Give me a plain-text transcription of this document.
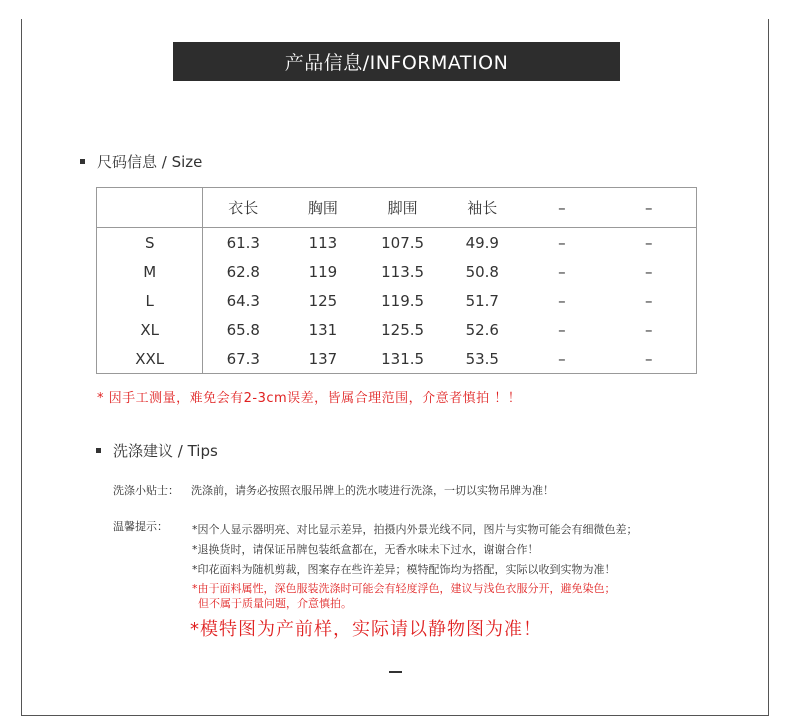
产品信息/INFORMATION
尺码信息 / Size
	衣长	胸围	脚围	袖长	–	–
S	61.3	113	107.5	49.9	–	–
M	62.8	119	113.5	50.8	–	–
L	64.3	125	119.5	51.7	–	–
XL	65.8	131	125.5	52.6	–	–
XXL	67.3	137	131.5	53.5	–	–
* 因手工测量，难免会有2-3cm误差，皆属合理范围，介意者慎拍 ！！
洗涤建议 / Tips
洗涤小贴士： 洗涤前，请务必按照衣服吊牌上的洗水唛进行洗涤，一切以实物吊牌为准！
温馨提示： *因个人显示器明亮、对比显示差异，拍摄内外景光线不同，图片与实物可能会有细微色差；
*退换货时，请保证吊牌包装纸盒都在，无香水味未下过水，谢谢合作！
*印花面料为随机剪裁，图案存在些许差异；模特配饰均为搭配，实际以收到实物为准！
*由于面料属性，深色服装洗涤时可能会有轻度浮色，建议与浅色衣服分开，避免染色；
但不属于质量问题，介意慎拍。
*模特图为产前样，实际请以静物图为准！
